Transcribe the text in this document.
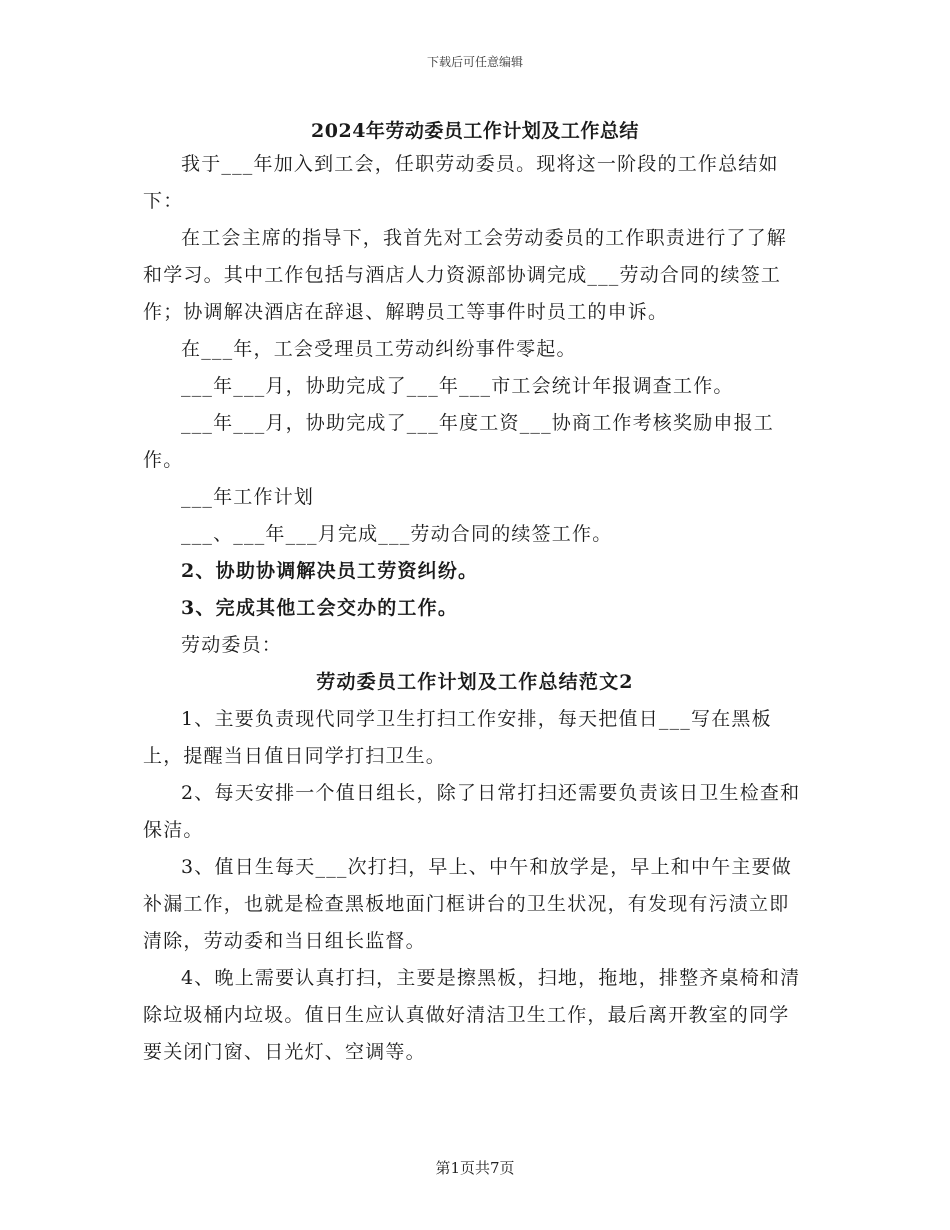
下载后可任意编辑
2024年劳动委员工作计划及工作总结

我于___年加入到工会，任职劳动委员。现将这一阶段的工作总结如下：

在工会主席的指导下，我首先对工会劳动委员的工作职责进行了了解和学习。其中工作包括与酒店人力资源部协调完成___劳动合同的续签工作；协调解决酒店在辞退、解聘员工等事件时员工的申诉。

在___年，工会受理员工劳动纠纷事件零起。

___年___月，协助完成了___年___市工会统计年报调查工作。

___年___月，协助完成了___年度工资___协商工作考核奖励申报工作。

___年工作计划

___、___年___月完成___劳动合同的续签工作。

2、协助协调解决员工劳资纠纷。

3、完成其他工会交办的工作。

劳动委员：

劳动委员工作计划及工作总结范文2

1、主要负责现代同学卫生打扫工作安排，每天把值日___写在黑板上，提醒当日值日同学打扫卫生。

2、每天安排一个值日组长，除了日常打扫还需要负责该日卫生检查和保洁。

3、值日生每天___次打扫，早上、中午和放学是，早上和中午主要做补漏工作，也就是检查黑板地面门框讲台的卫生状况，有发现有污渍立即清除，劳动委和当日组长监督。

4、晚上需要认真打扫，主要是擦黑板，扫地，拖地，排整齐桌椅和清除垃圾桶内垃圾。值日生应认真做好清洁卫生工作，最后离开教室的同学要关闭门窗、日光灯、空调等。

第1页共7页
